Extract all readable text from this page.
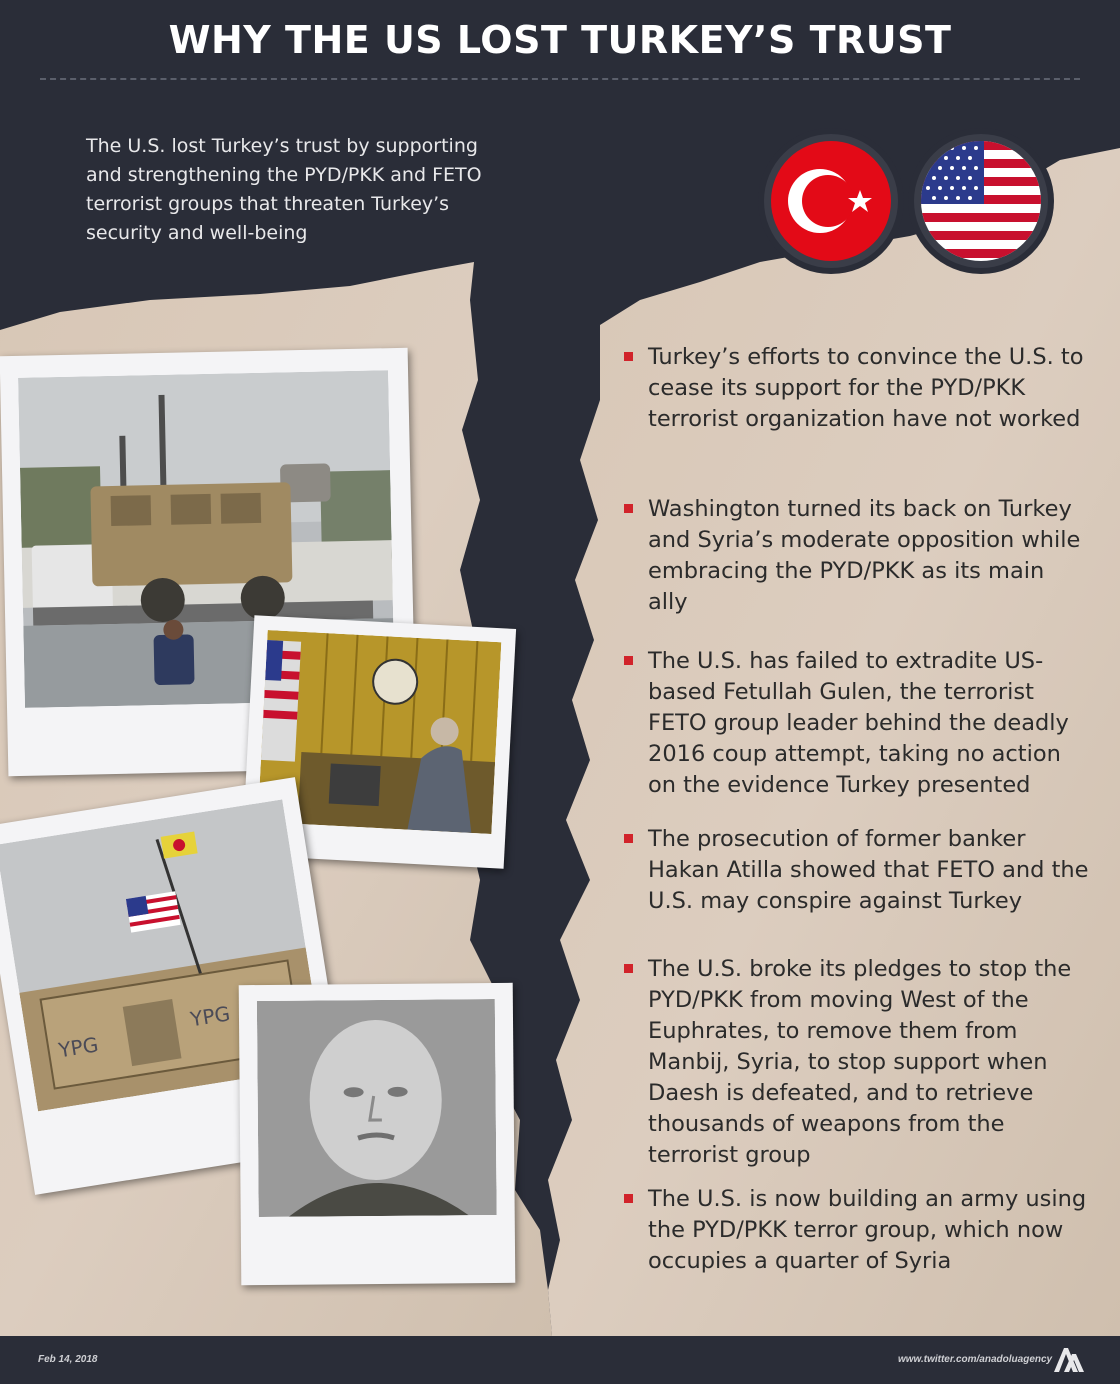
WHY THE US LOST TURKEY’S TRUST
The U.S. lost Turkey’s trust by supporting and strengthening the PYD/PKK and FETO terrorist groups that threaten Turkey’s security and well-being
Turkey’s efforts to convince the U.S. to cease its support for the PYD/PKK terrorist organization have not worked
Washington turned its back on Turkey and Syria’s moderate opposition while embracing the PYD/PKK as its main ally
The U.S. has failed to extradite US-based Fetullah Gulen, the terrorist FETO group leader behind the deadly 2016 coup attempt, taking no action on the evidence Turkey presented
The prosecution of former banker Hakan Atilla showed that FETO and the U.S. may conspire against Turkey
The U.S. broke its pledges to stop the PYD/PKK from moving West of the Euphrates, to remove them from Manbij, Syria, to stop support when Daesh is defeated, and to retrieve thousands of weapons from the terrorist group
The U.S. is now building an army using the PYD/PKK terror group, which now occupies a quarter of Syria
YPG
YPG
Feb 14, 2018	www.twitter.com/anadoluagency
